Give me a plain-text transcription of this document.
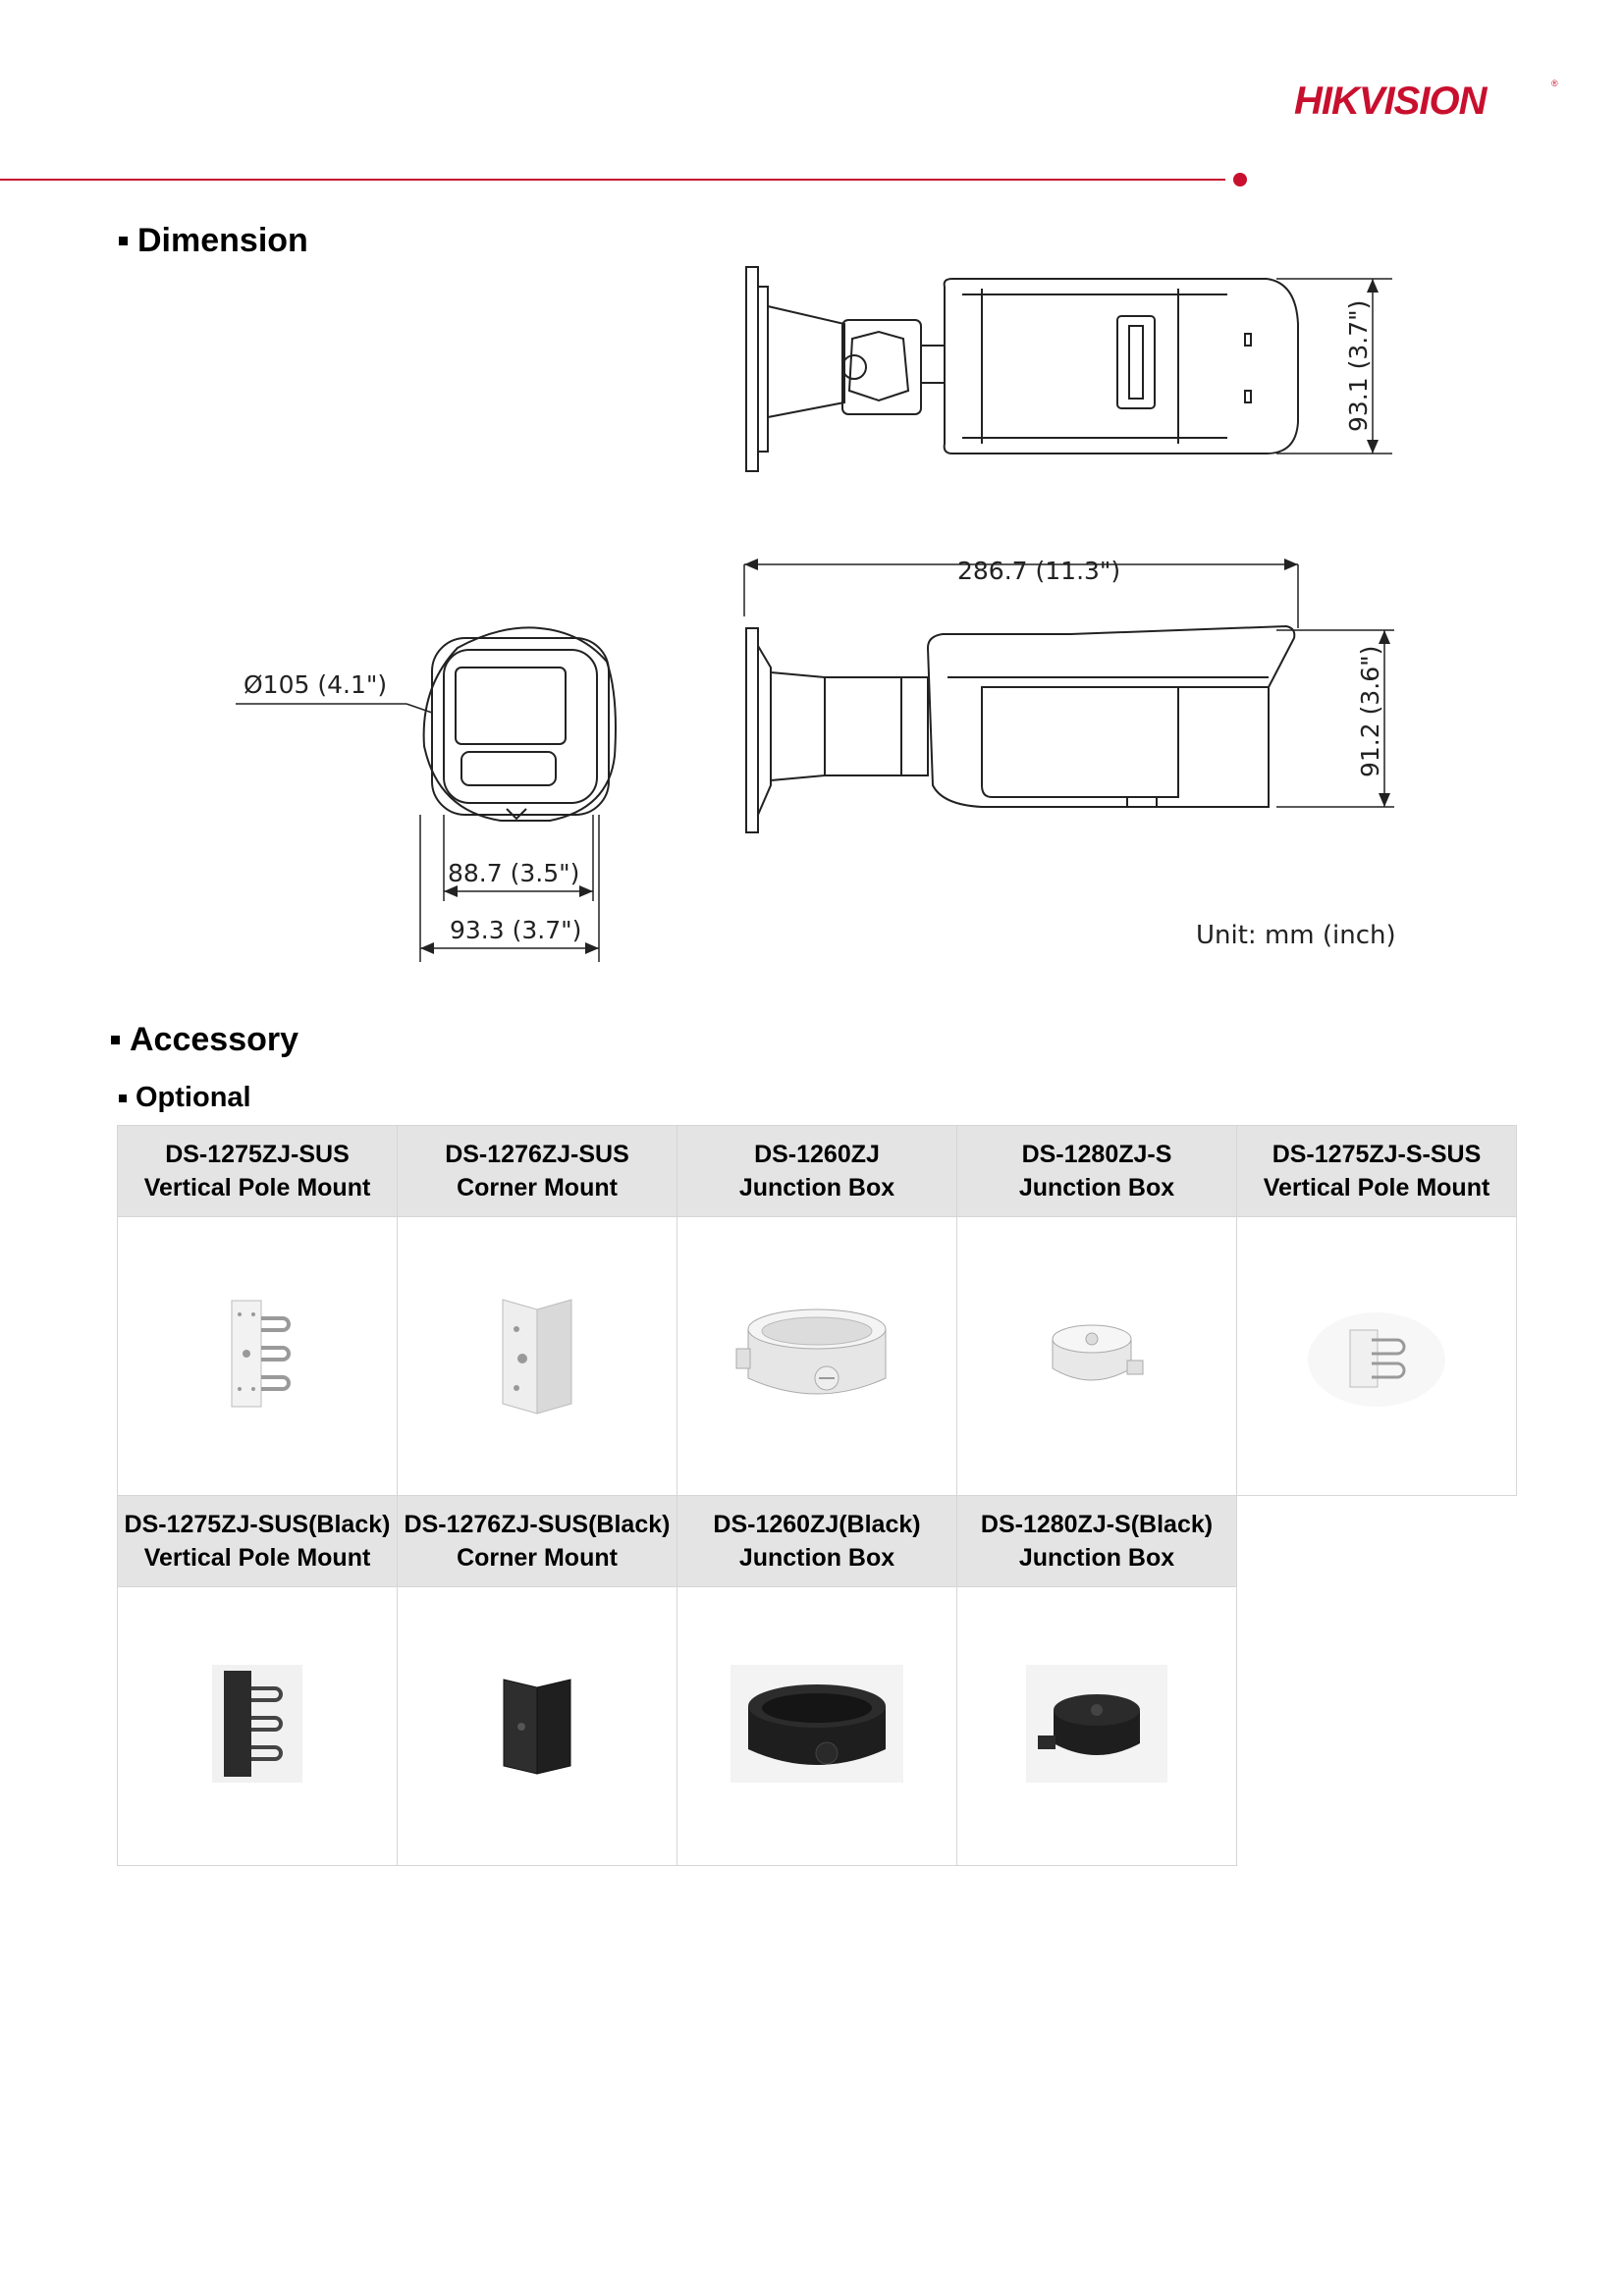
HIKVISION	®
Dimension
93.1 (3.7")
286.7 (11.3")
91.2 (3.6")
Ø105 (4.1")
88.7 (3.5")
93.3 (3.7")	Unit: mm (inch)
Accessory
Optional
DS-1275ZJ-SUS
Vertical Pole Mount	DS-1276ZJ-SUS
Corner Mount	DS-1260ZJ
Junction Box	DS-1280ZJ-S
Junction Box	DS-1275ZJ-S-SUS
Vertical Pole Mount

DS-1275ZJ-SUS(Black)
Vertical Pole Mount	DS-1276ZJ-SUS(Black)
Corner Mount	DS-1260ZJ(Black)
Junction Box	DS-1280ZJ-S(Black)
Junction Box	
